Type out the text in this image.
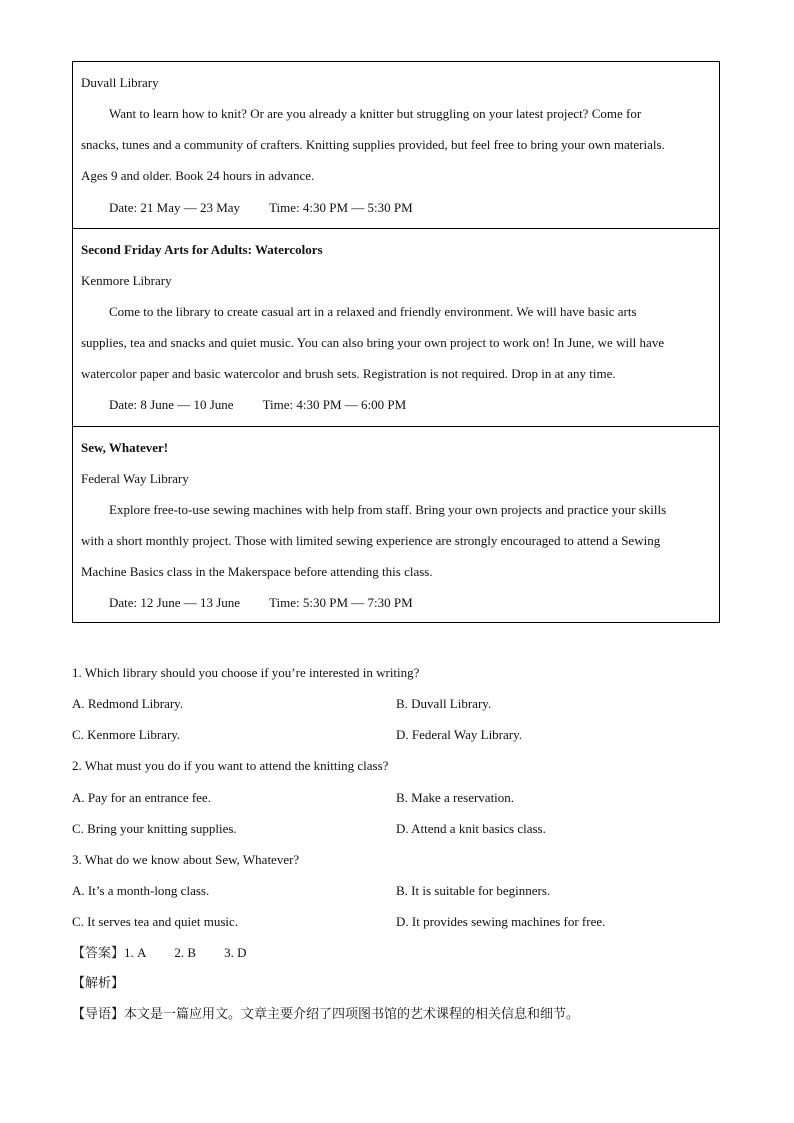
Duvall Library
Want to learn how to knit? Or are you already a knitter but struggling on your latest project? Come for
snacks, tunes and a community of crafters. Knitting supplies provided, but feel free to bring your own materials.
Ages 9 and older. Book 24 hours in advance.
Date: 21 May — 23 May Time: 4:30 PM — 5:30 PM
Second Friday Arts for Adults: Watercolors
Kenmore Library
Come to the library to create casual art in a relaxed and friendly environment. We will have basic arts
supplies, tea and snacks and quiet music. You can also bring your own project to work on! In June, we will have
watercolor paper and basic watercolor and brush sets. Registration is not required. Drop in at any time.
Date: 8 June — 10 June Time: 4:30 PM — 6:00 PM
Sew, Whatever!
Federal Way Library
Explore free-to-use sewing machines with help from staff. Bring your own projects and practice your skills
with a short monthly project. Those with limited sewing experience are strongly encouraged to attend a Sewing
Machine Basics class in the Makerspace before attending this class.
Date: 12 June — 13 June Time: 5:30 PM — 7:30 PM
1. Which library should you choose if you’re interested in writing?
A. Redmond Library.	B. Duvall Library.
C. Kenmore Library.	D. Federal Way Library.
2. What must you do if you want to attend the knitting class?
A. Pay for an entrance fee.	B. Make a reservation.
C. Bring your knitting supplies.	D. Attend a knit basics class.
3. What do we know about Sew, Whatever?
A. It’s a month-long class.	B. It is suitable for beginners.
C. It serves tea and quiet music.	D. It provides sewing machines for free.
【答案】1. A 2. B 3. D
【解析】
【导语】本文是一篇应用文。文章主要介绍了四项图书馆的艺术课程的相关信息和细节。
